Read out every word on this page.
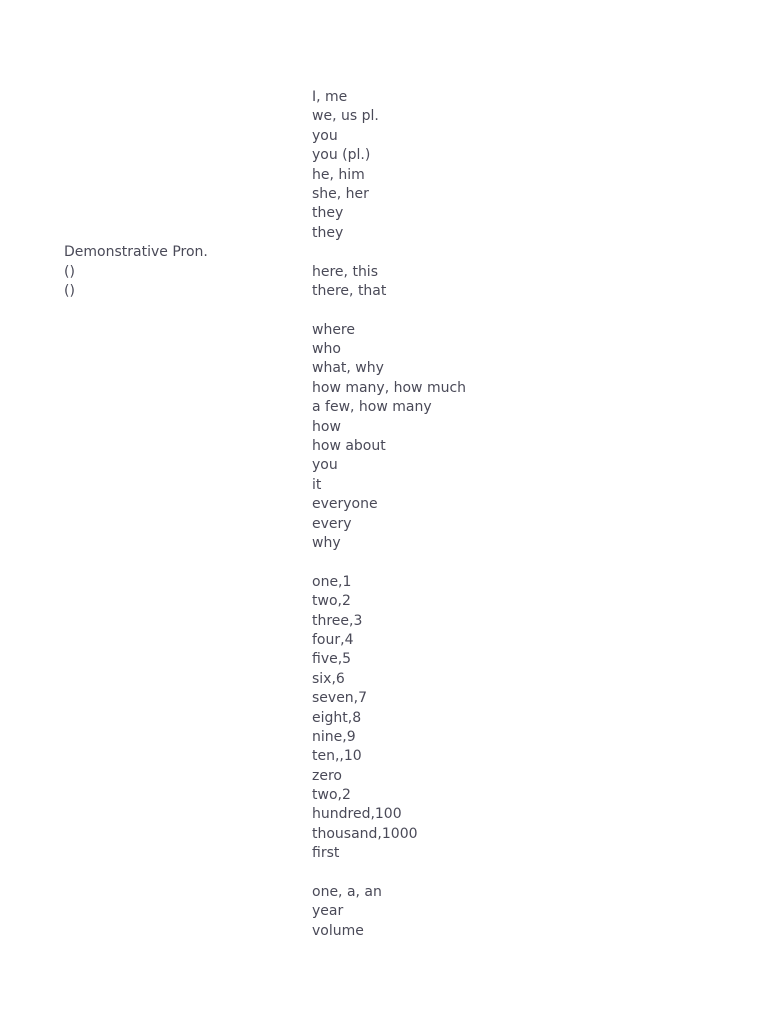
I, me
we, us pl.
you
you (pl.)
he, him
she, her
they
they
Demonstrative Pron.
()	here, this
()	there, that
where
who
what, why
how many, how much
a few, how many
how
how about
you
it
everyone
every
why
one,1
two,2
three,3
four,4
five,5
six,6
seven,7
eight,8
nine,9
ten,,10
zero
two,2
hundred,100
thousand,1000
first
one, a, an
year
volume
